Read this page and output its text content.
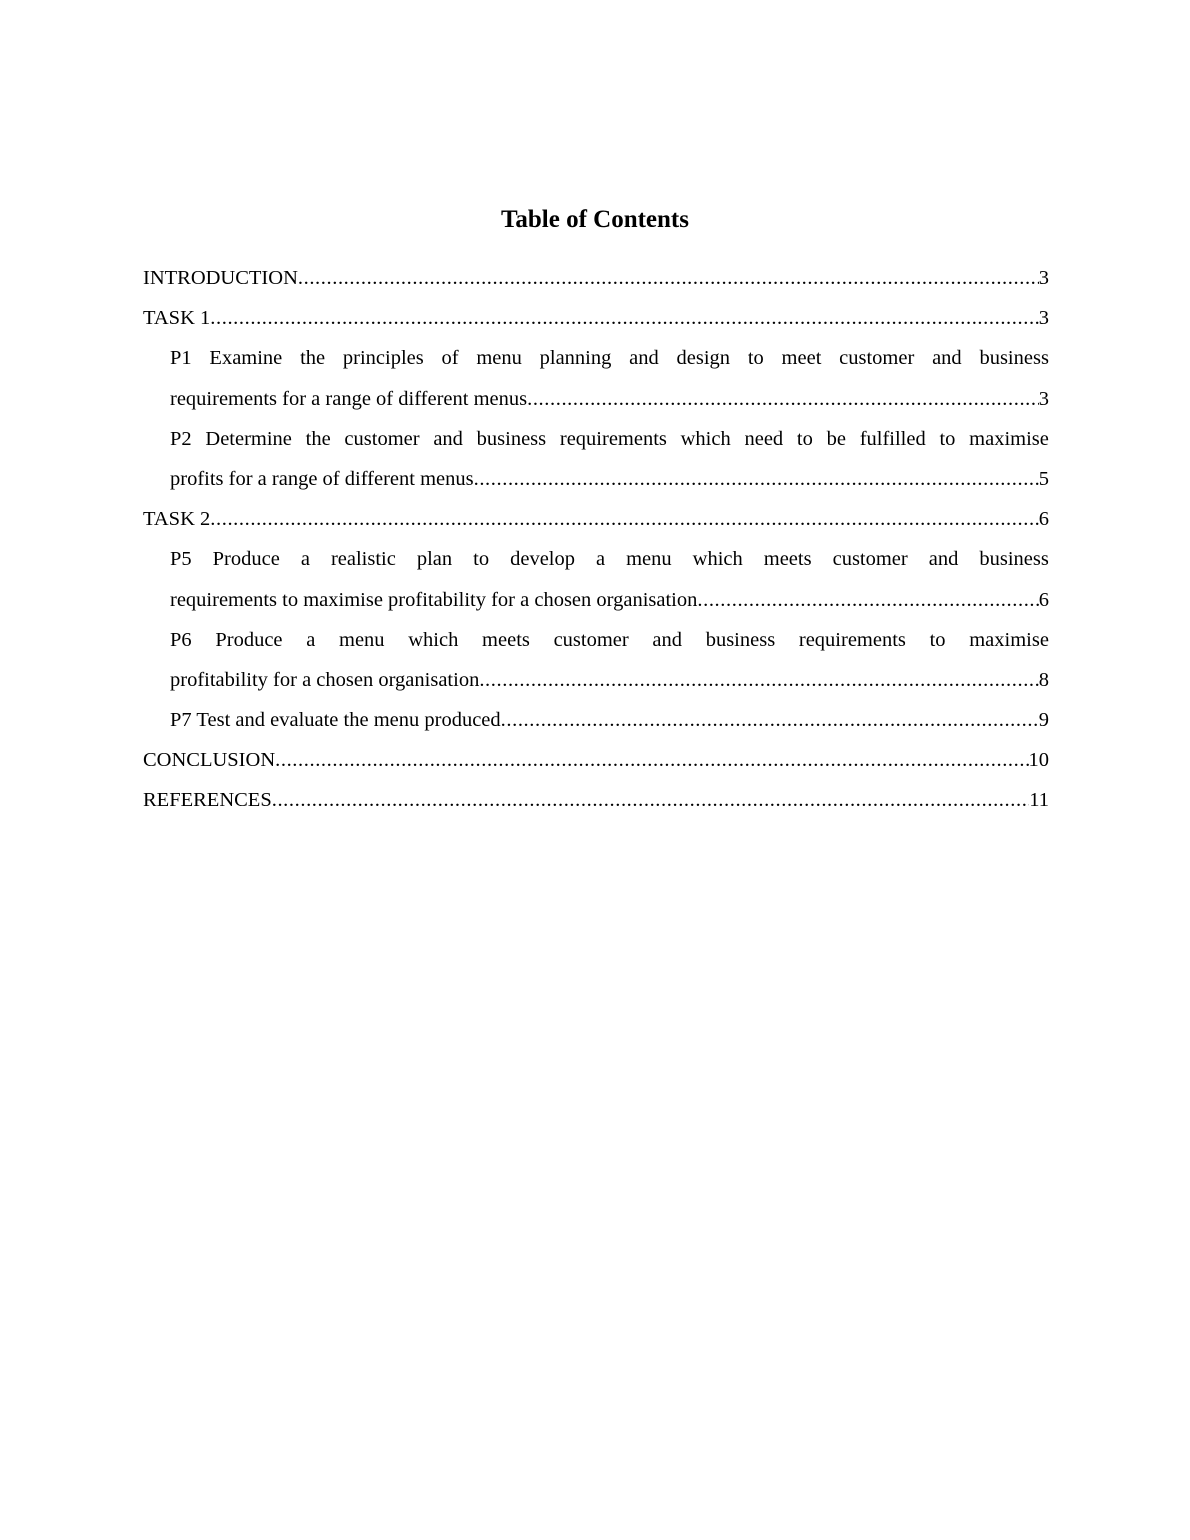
Table of Contents
INTRODUCTION .....	3
TASK 1 .....	3
P1 Examine the principles of menu planning and design to meet customer and business
requirements for a range of different menus .....	3
P2 Determine the customer and business requirements which need to be fulfilled to maximise
profits for a range of different menus .....	5
TASK 2 .....	6
P5 Produce a realistic plan to develop a menu which meets customer and business
requirements to maximise profitability for a chosen organisation .....	6
P6 Produce a menu which meets customer and business requirements to maximise
profitability for a chosen organisation .....	8
P7 Test and evaluate the menu produced .....	9
CONCLUSION .....	10
REFERENCES .....	11
